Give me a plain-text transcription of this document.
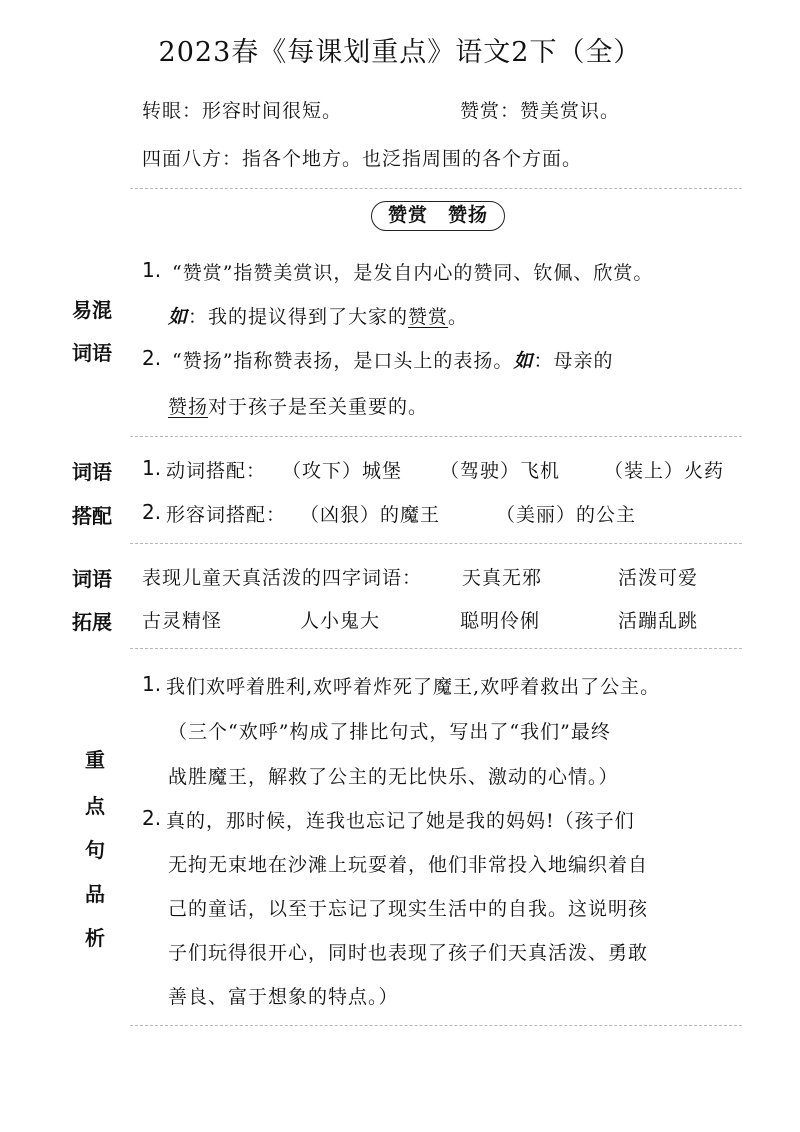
2023春《每课划重点》语文2下（全）
转眼：形容时间很短。	赞赏：赞美赏识。
四面八方：指各个地方。也泛指周围的各个方面。
赞赏　赞扬
易混
词语
1. “赞赏”指赞美赏识，是发自内心的赞同、钦佩、欣赏。
如：我的提议得到了大家的赞赏。
2. “赞扬”指称赞表扬，是口头上的表扬。如：母亲的
赞扬对于孩子是至关重要的。
词语
搭配
1. 动词搭配： （攻下）城堡 （驾驶）飞机 （装上）火药
2. 形容词搭配： （凶狠）的魔王	（美丽）的公主
词语
拓展
表现儿童天真活泼的四字词语： 天真无邪	活泼可爱
古灵精怪	人小鬼大	聪明伶俐	活蹦乱跳
重
点
句
品
析
1. 我们欢呼着胜利,欢呼着炸死了魔王,欢呼着救出了公主。
（三个“欢呼”构成了排比句式，写出了“我们”最终
战胜魔王，解救了公主的无比快乐、激动的心情。）
2. 真的，那时候，连我也忘记了她是我的妈妈!（孩子们
无拘无束地在沙滩上玩耍着，他们非常投入地编织着自
己的童话，以至于忘记了现实生活中的自我。这说明孩
子们玩得很开心，同时也表现了孩子们天真活泼、勇敢
善良、富于想象的特点。）
